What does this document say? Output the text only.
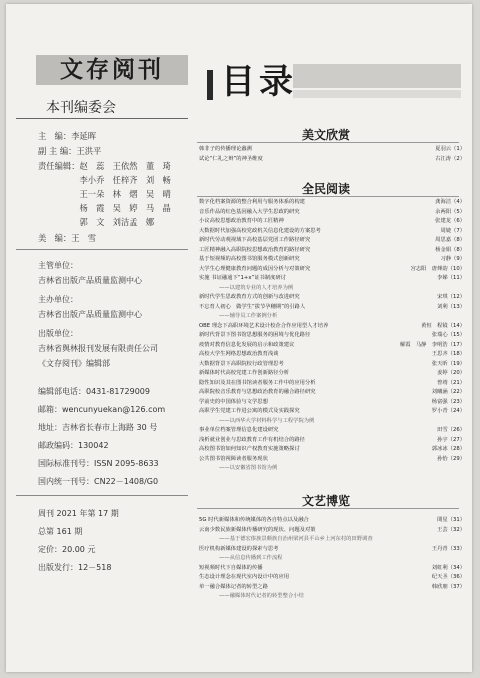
文存阅刊
本刊编委会
主　编：李延晖
副 主 编：王洪平
责任编辑：赵　蕊　王依然　董　琦
　　　　　李小乔　任梓齐　刘　畅
　　　　　王一朵　林　熠　吴　晴
　　　　　杨　霞　吴　婷　马　晶
　　　　　郭　文　刘洁孟　娜
美　编：王　雪
主管单位：
吉林省出版产品质量监测中心
主办单位：
吉林省出版产品质量监测中心
出版单位：
吉林省舆林报刊发展有限责任公司
《文存阅刊》编辑部
编辑部电话：0431-81729009
邮箱：wencunyuekan@126.com
地址：吉林省长春市上海路 30 号
邮政编码：130042
国际标准刊号：ISSN 2095-8633
国内统一刊号：CN22－1408/G0
周刊 2021 年第 17 期
总第 161 期
定价：20.00 元
出版发行：12－518
目录
美文欣赏
韩非子的传播理论蠡测	夏羽云（1）
试论“仁礼之辩”的神圣维度	古江涛（2）
全民阅读
数字化档案资源的整合利用与服务体系的构建	龚海洁（4）
音乐作品的红色基因融入大学生思政的研究	余两阳（5）
小议高校思想政治教育中的工匠精神	张建龙（6）
大数据时代加强高校党政机关信息化建设的方案思考	周婕（7）
新时代劳动观视域下高校基层党团工作路径研究	周思嘉（8）
工匠精神融入高职院校思想政治教育的路径研究	杨金娟（8）
基于短视频的高校图书馆服务模式创新研究	习静（9）
大学生心理健康教育问题的成因分析与对策研究	宫志阳　唐烽韵（10）
实施 书证融通下“1+x”证书制度研讨	李娣（11）
——以建筑专业的人才培养为例
新时代学生思政教育方式的创新与改进研究	宋琪（12）
不忘育人初心　做学生“拔节孕穗期”的引路人	刘利（13）
——辅导员工作案例分析
OBE 理念下高职环境艺术设计校企合作应用型人才培养	黄恒　程镜（14）
新时代背景下图书馆思想服务的困境与优化路径	张瑞心（15）
疫情对教育信息化发展的启示和政策建议	解霞　马静　李明浩（17）
高校大学生网络思想政治教育浅谈	王思齐（18）
大数据背景下高职院校行政管理思考	张天昕（19）
新媒体时代高校党建工作创新路径分析	姜婷（20）
隐性知识及其在图书馆读者服务工作中的应用分析	曾靖（21）
高职院校音乐教育与思想政治教育的融合路径研究	刘曦涵（22）
学前史的中国体验与文学思想	杨富强（23）
高职学生党建工作进公寓的模式及实践探究	罗小青（24）
——以西华大学材料科学与工程学院为例
事业单位档案管理信息化建设研究	田雪（26）
浅析就业创业与思政教育工作有机结合的路径	孙宇（27）
高校图书馆如何知识产权教育实施策略探讨	郭冰冰（28）
公共图书馆视障读者服务现状	孙怡（29）
——以安徽省图书馆为例
文艺博览
5G 时代新媒体和传统媒体的各自特点以及融合	閔星（31）
云南少数民族新媒体传播研究的现状、问题及对策	王芸（32）
——基于德宏傣族景颇族自治州梁河县平山乡上河东村的田野调查
医疗机构新媒体建设的探索与思考	王丹青（33）
——从信息传播到工作流程
短视频时代下自媒体的传播	刘虹利（34）
生态设计理念在现代室内设计中的应用	纪天圣（36）
单一融合媒体记者的转型之路	韩欣朋（37）
——融媒体时代记者的转型整合小结
